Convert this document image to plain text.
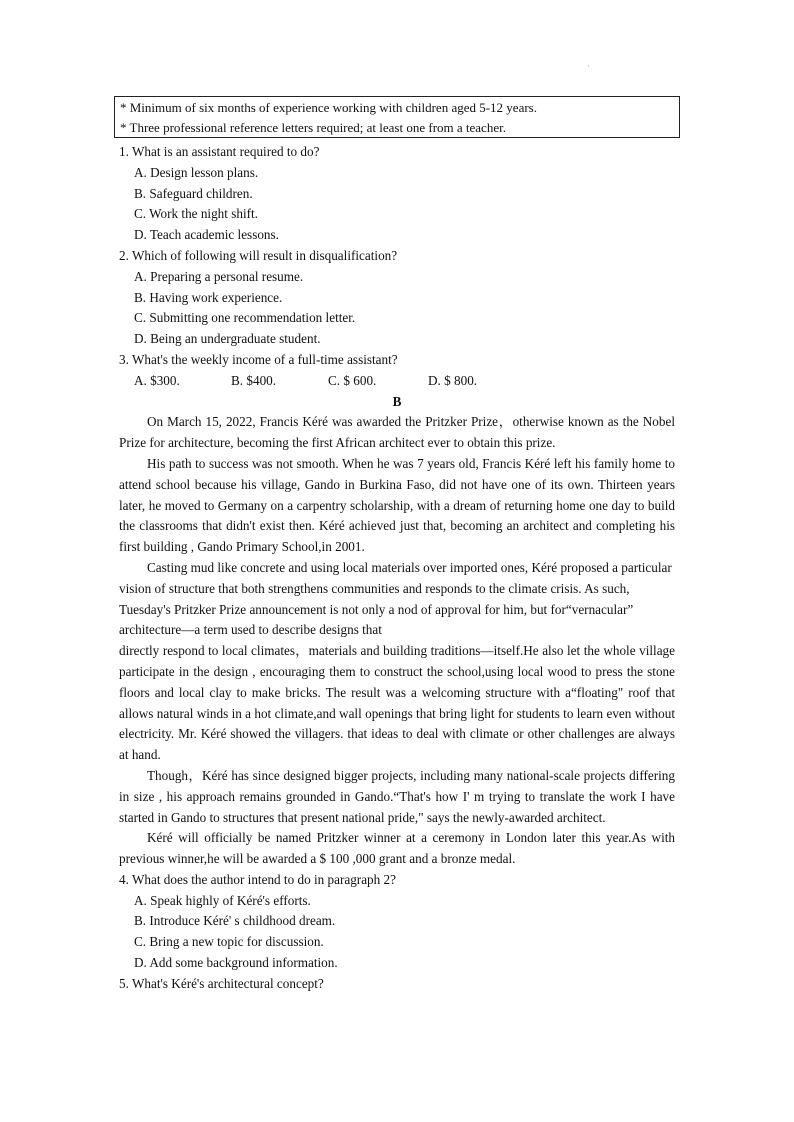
·
* Minimum of six months of experience working with children aged 5-12 years.
* Three professional reference letters required; at least one from a teacher.
1. What is an assistant required to do?
A. Design lesson plans.
B. Safeguard children.
C. Work the night shift.
D. Teach academic lessons.
2. Which of following will result in disqualification?
A. Preparing a personal resume.
B. Having work experience.
C. Submitting one recommendation letter.
D. Being an undergraduate student.
3. What's the weekly income of a full-time assistant?
A. $300.	B. $400.	C. $ 600.	D. $ 800.
B

On March 15, 2022, Francis Kéré was awarded the Pritzker Prize，otherwise known as the Nobel Prize for architecture, becoming the first African architect ever to obtain this prize.

His path to success was not smooth. When he was 7 years old, Francis Kéré left his family home to attend school because his village, Gando in Burkina Faso, did not have one of its own. Thirteen years later, he moved to Germany on a carpentry scholarship, with a dream of returning home one day to build the classrooms that didn't exist then. Kéré achieved just that, becoming an architect and completing his first building , Gando Primary School,in 2001.

Casting mud like concrete and using local materials over imported ones, Kéré proposed a particular vision of structure that both strengthens communities and responds to the climate crisis. As such, Tuesday's Pritzker Prize announcement is not only a nod of approval for him, but for“vernacular” architecture—a term used to describe designs that

directly respond to local climates，materials and building traditions—itself.He also let the whole village participate in the design , encouraging them to construct the school,using local wood to press the stone floors and local clay to make bricks. The result was a welcoming structure with a“floating" roof that allows natural winds in a hot climate,and wall openings that bring light for students to learn even without electricity. Mr. Kéré showed the villagers. that ideas to deal with climate or other challenges are always at hand.

Though，Kéré has since designed bigger projects, including many national-scale projects differing in size , his approach remains grounded in Gando.“That's how I' m trying to translate the work I have started in Gando to structures that present national pride," says the newly-awarded architect.

Kéré will officially be named Pritzker winner at a ceremony in London later this year.As with previous winner,he will be awarded a $ 100 ,000 grant and a bronze medal.

4. What does the author intend to do in paragraph 2?
A. Speak highly of Kéré's efforts.
B. Introduce Kéré' s childhood dream.
C. Bring a new topic for discussion.
D. Add some background information.
5. What's Kéré's architectural concept?
